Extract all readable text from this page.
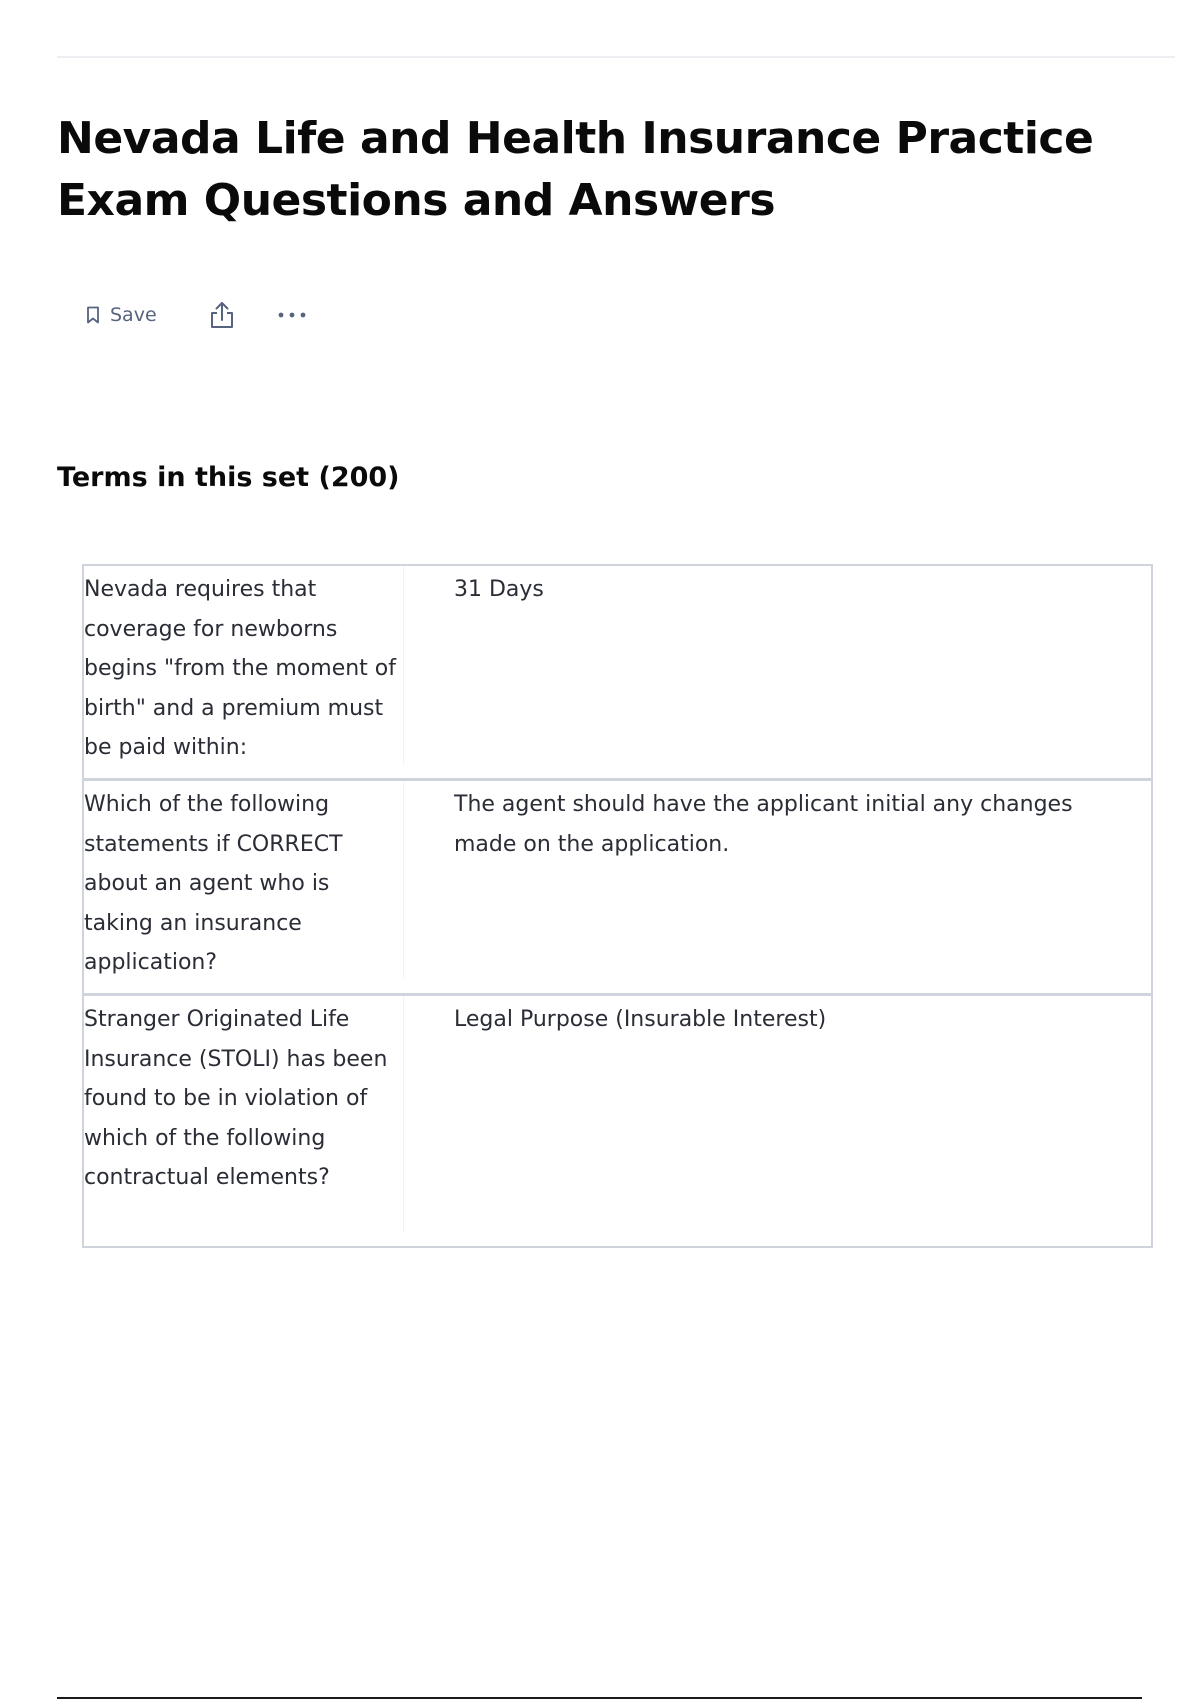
Nevada Life and Health Insurance Practice Exam Questions and Answers
Save
Terms in this set (200)
Nevada requires that coverage for newborns begins "from the moment of birth" and a premium must be paid within:
31 Days
Which of the following statements if CORRECT about an agent who is taking an insurance application?
The agent should have the applicant initial any changes made on the application.
Stranger Originated Life Insurance (STOLI) has been found to be in violation of which of the following contractual elements?
Legal Purpose (Insurable Interest)
